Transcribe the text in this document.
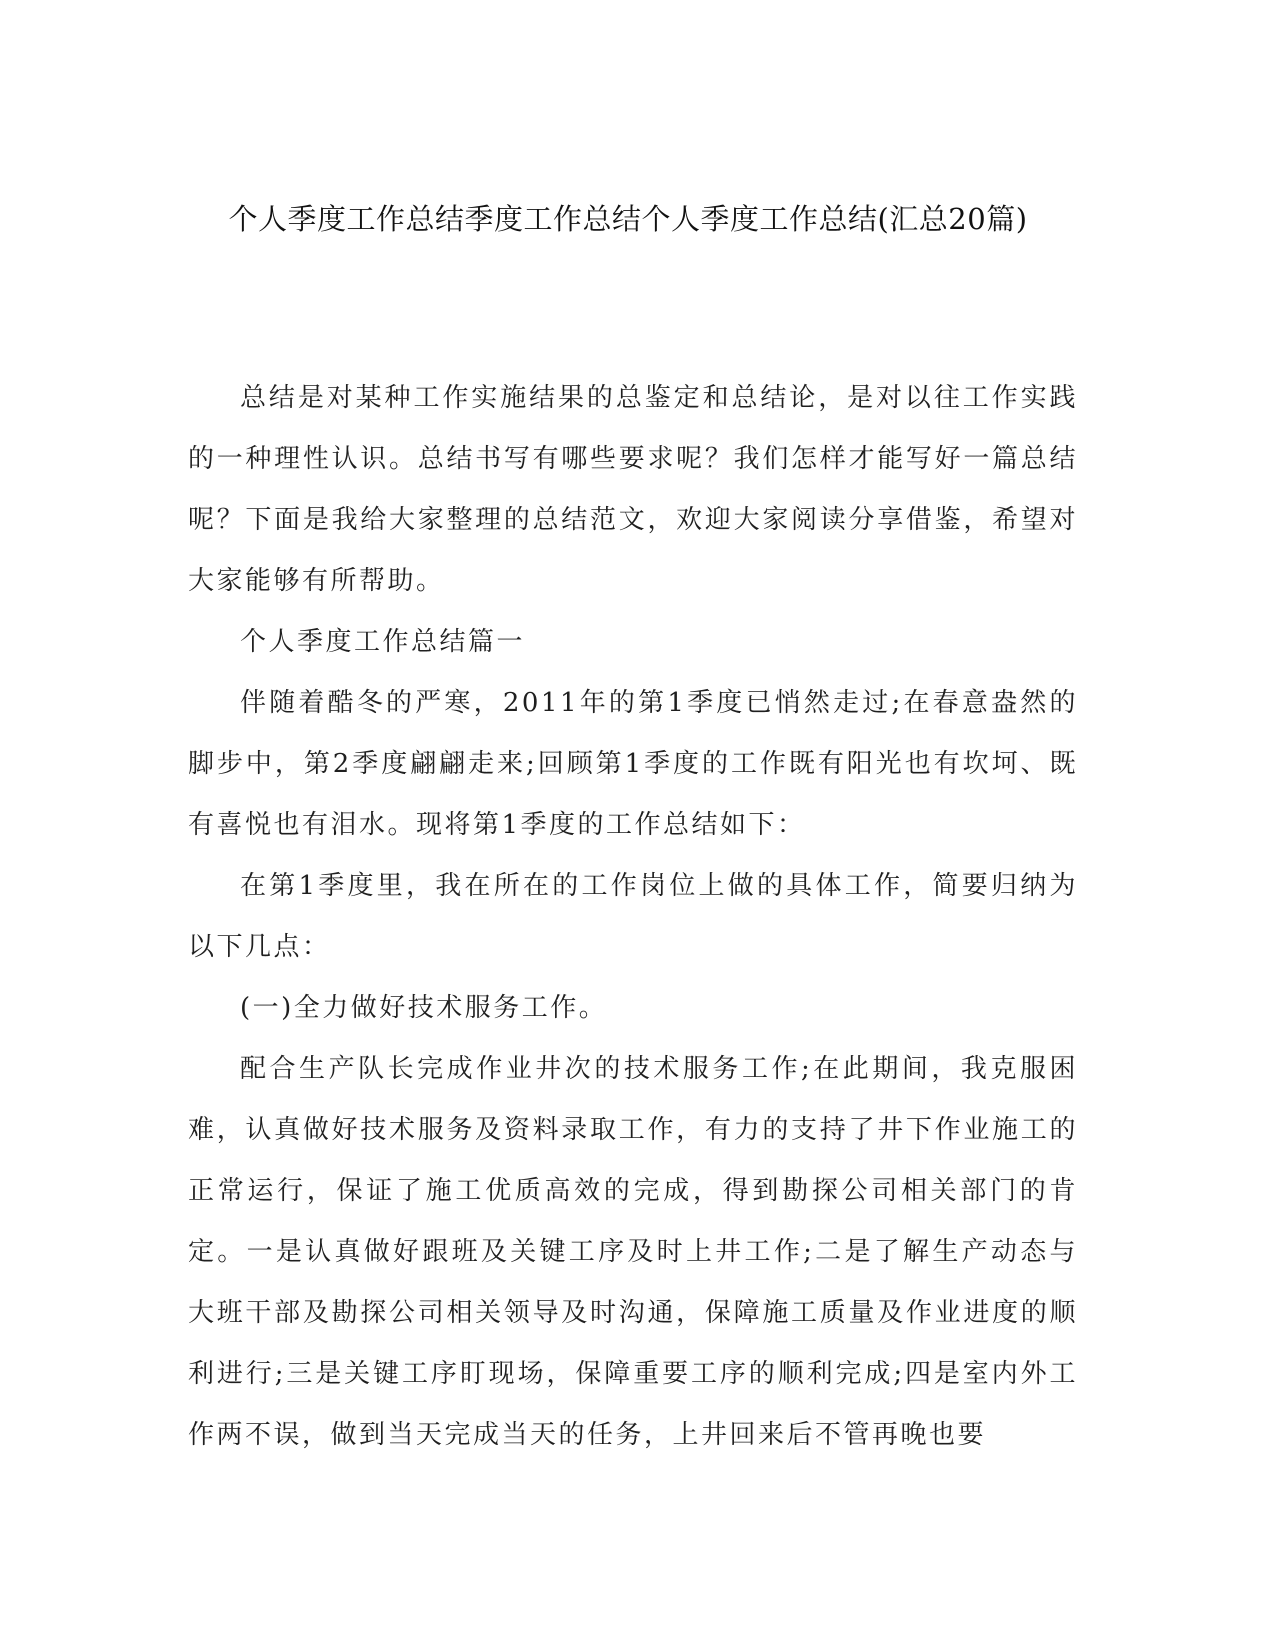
个人季度工作总结季度工作总结个人季度工作总结(汇总20篇)

总结是对某种工作实施结果的总鉴定和总结论，是对以往工作实践的一种理性认识。总结书写有哪些要求呢？我们怎样才能写好一篇总结呢？下面是我给大家整理的总结范文，欢迎大家阅读分享借鉴，希望对大家能够有所帮助。

个人季度工作总结篇一

伴随着酷冬的严寒，2011年的第1季度已悄然走过;在春意盎然的脚步中，第2季度翩翩走来;回顾第1季度的工作既有阳光也有坎坷、既有喜悦也有泪水。现将第1季度的工作总结如下：

在第1季度里，我在所在的工作岗位上做的具体工作，简要归纳为以下几点：

(一)全力做好技术服务工作。

配合生产队长完成作业井次的技术服务工作;在此期间，我克服困难，认真做好技术服务及资料录取工作，有力的支持了井下作业施工的正常运行，保证了施工优质高效的完成，得到勘探公司相关部门的肯定。一是认真做好跟班及关键工序及时上井工作;二是了解生产动态与大班干部及勘探公司相关领导及时沟通，保障施工质量及作业进度的顺利进行;三是关键工序盯现场，保障重要工序的顺利完成;四是室内外工作两不误，做到当天完成当天的任务，上井回来后不管再晚也要
